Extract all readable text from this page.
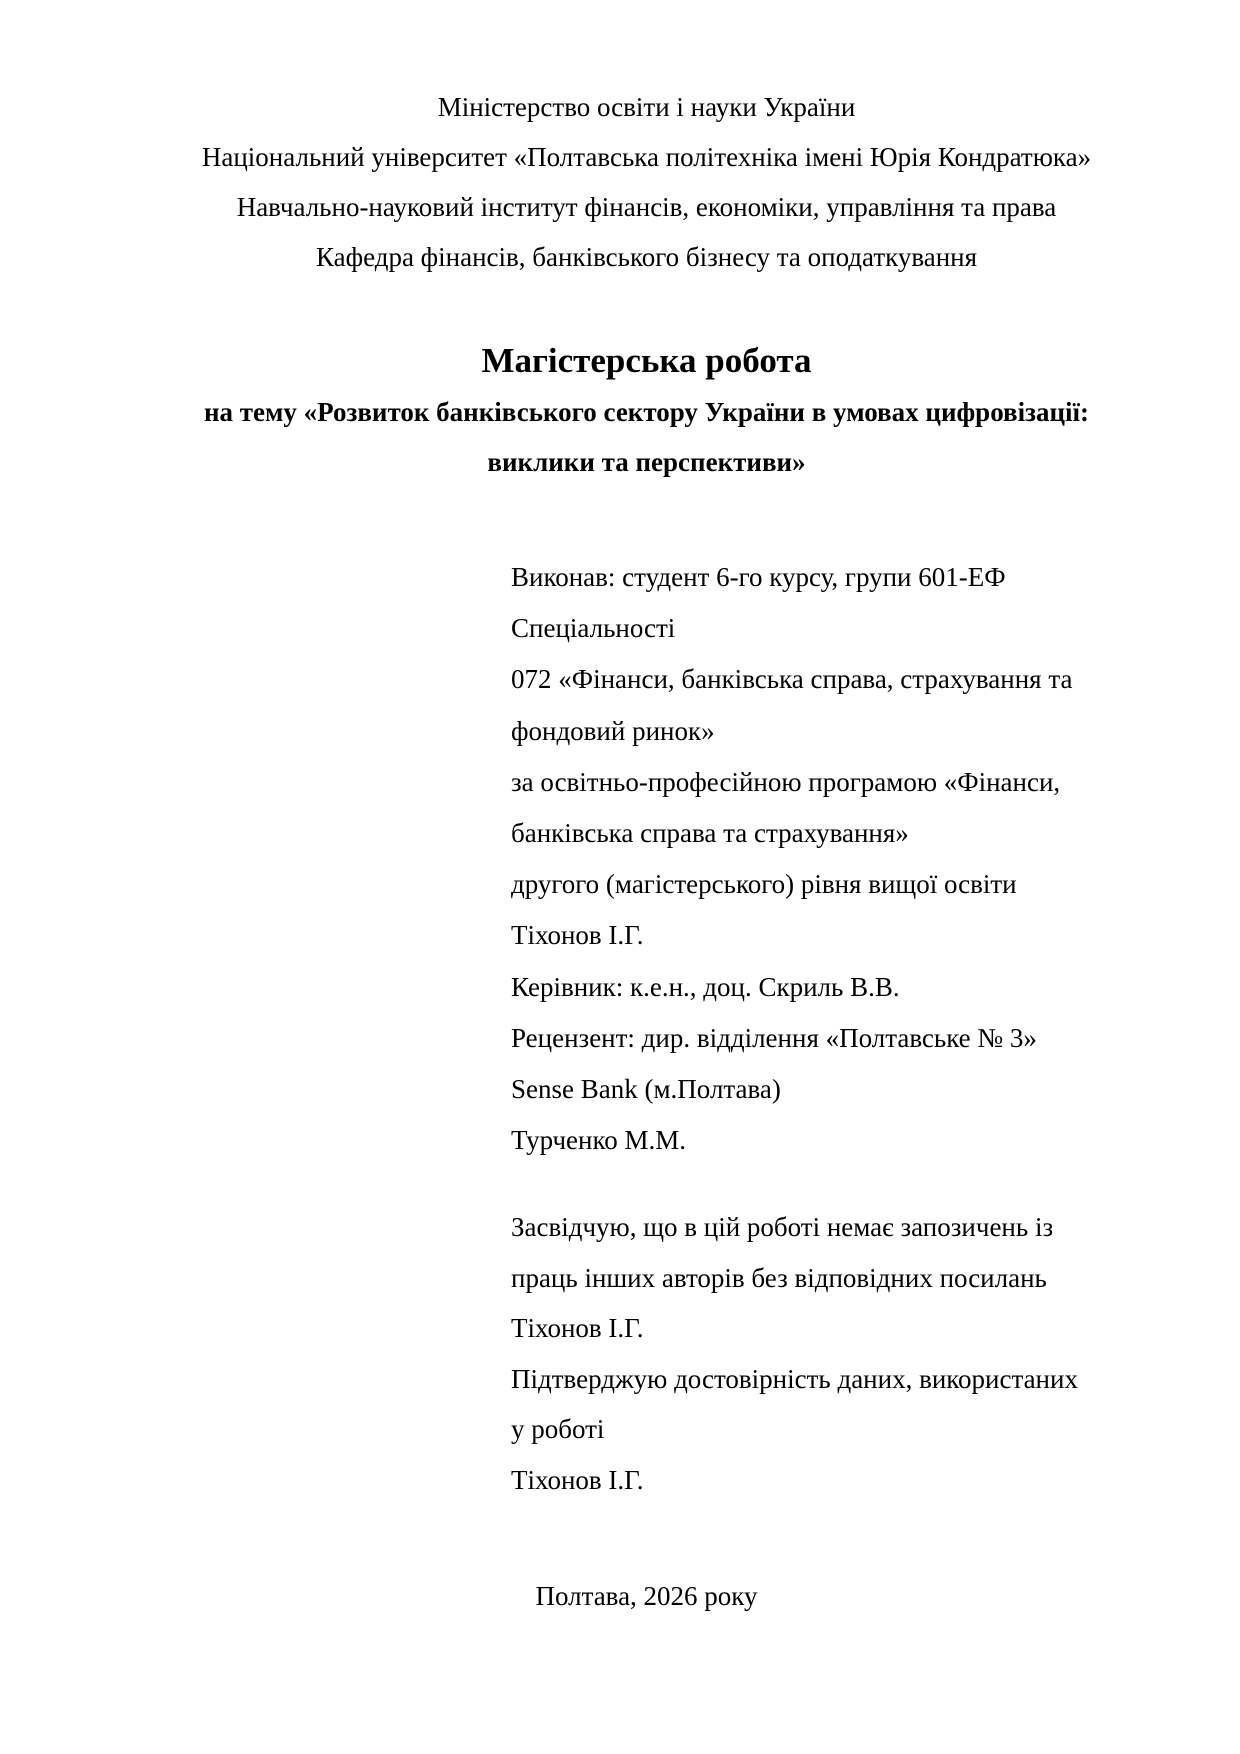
Міністерство освіти і науки України
Національний університет «Полтавська політехніка імені Юрія Кондратюка»
Навчально-науковий інститут фінансів, економіки, управління та права
Кафедра фінансів, банківського бізнесу та оподаткування
Магістерська робота
на тему «Розвиток банківського сектору України в умовах цифровізації:
виклики та перспективи»
Виконав: студент 6-го курсу, групи 601-ЕФ
Спеціальності
072 «Фінанси, банківська справа, страхування та
фондовий ринок»
за освітньо-професійною програмою «Фінанси,
банківська справа та страхування»
другого (магістерського) рівня вищої освіти
Тіхонов І.Г.
Керівник: к.е.н., доц. Скриль В.В.
Рецензент: дир. відділення «Полтавське № 3»
Sense Bank (м.Полтава)
Турченко М.М.
Засвідчую, що в цій роботі немає запозичень із
праць інших авторів без відповідних посилань
Тіхонов І.Г.
Підтверджую достовірність даних, використаних
у роботі
Тіхонов І.Г.
Полтава, 2026 року
